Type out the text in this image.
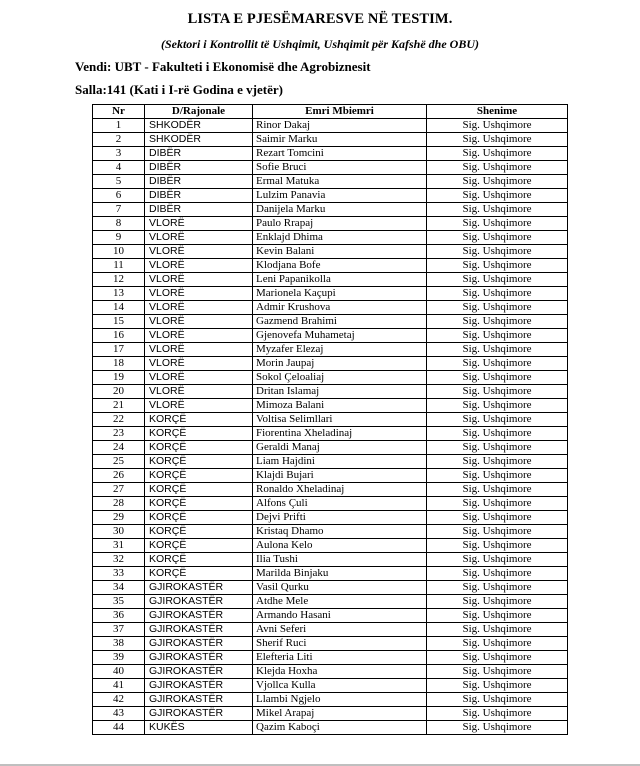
LISTA E PJESËMARESVE NË TESTIM.
(Sektori i Kontrollit të Ushqimit, Ushqimit për Kafshë dhe OBU)
Vendi: UBT - Fakulteti i Ekonomisë dhe Agrobiznesit
Salla:141 (Kati i I-rë Godina e vjetër)
Nr	D/Rajonale	Emri Mbiemri	Shenime
1	SHKODËR	Rinor Dakaj	Sig. Ushqimore
2	SHKODËR	Saimir Marku	Sig. Ushqimore
3	DIBËR	Rezart Tomcini	Sig. Ushqimore
4	DIBËR	Sofie Bruci	Sig. Ushqimore
5	DIBËR	Ermal Matuka	Sig. Ushqimore
6	DIBËR	Lulzim Panavia	Sig. Ushqimore
7	DIBËR	Danijela Marku	Sig. Ushqimore
8	VLORË	Paulo Rrapaj	Sig. Ushqimore
9	VLORË	Enklajd Dhima	Sig. Ushqimore
10	VLORË	Kevin Balani	Sig. Ushqimore
11	VLORË	Klodjana Bofe	Sig. Ushqimore
12	VLORË	Leni Papanikolla	Sig. Ushqimore
13	VLORË	Marionela Kaçupi	Sig. Ushqimore
14	VLORË	Admir Krushova	Sig. Ushqimore
15	VLORË	Gazmend Brahimi	Sig. Ushqimore
16	VLORË	Gjenovefa Muhametaj	Sig. Ushqimore
17	VLORË	Myzafer Elezaj	Sig. Ushqimore
18	VLORË	Morin Jaupaj	Sig. Ushqimore
19	VLORË	Sokol Çeloaliaj	Sig. Ushqimore
20	VLORË	Dritan Islamaj	Sig. Ushqimore
21	VLORË	Mimoza Balani	Sig. Ushqimore
22	KORÇË	Voltisa Selimllari	Sig. Ushqimore
23	KORÇË	Fiorentina Xheladinaj	Sig. Ushqimore
24	KORÇË	Geraldi Manaj	Sig. Ushqimore
25	KORÇË	Liam Hajdini	Sig. Ushqimore
26	KORÇË	Klajdi Bujari	Sig. Ushqimore
27	KORÇË	Ronaldo Xheladinaj	Sig. Ushqimore
28	KORÇË	Alfons Çuli	Sig. Ushqimore
29	KORÇË	Dejvi Prifti	Sig. Ushqimore
30	KORÇË	Kristaq Dhamo	Sig. Ushqimore
31	KORÇË	Aulona Kelo	Sig. Ushqimore
32	KORÇË	Ilia Tushi	Sig. Ushqimore
33	KORÇË	Marilda Binjaku	Sig. Ushqimore
34	GJIROKASTËR	Vasil Qurku	Sig. Ushqimore
35	GJIROKASTËR	Atdhe Mele	Sig. Ushqimore
36	GJIROKASTËR	Armando Hasani	Sig. Ushqimore
37	GJIROKASTËR	Avni Seferi	Sig. Ushqimore
38	GJIROKASTËR	Sherif Ruci	Sig. Ushqimore
39	GJIROKASTËR	Elefteria Liti	Sig. Ushqimore
40	GJIROKASTËR	Klejda Hoxha	Sig. Ushqimore
41	GJIROKASTËR	Vjollca Kulla	Sig. Ushqimore
42	GJIROKASTËR	Llambi Ngjelo	Sig. Ushqimore
43	GJIROKASTËR	Mikel Arapaj	Sig. Ushqimore
44	KUKËS	Qazim Kaboçi	Sig. Ushqimore
